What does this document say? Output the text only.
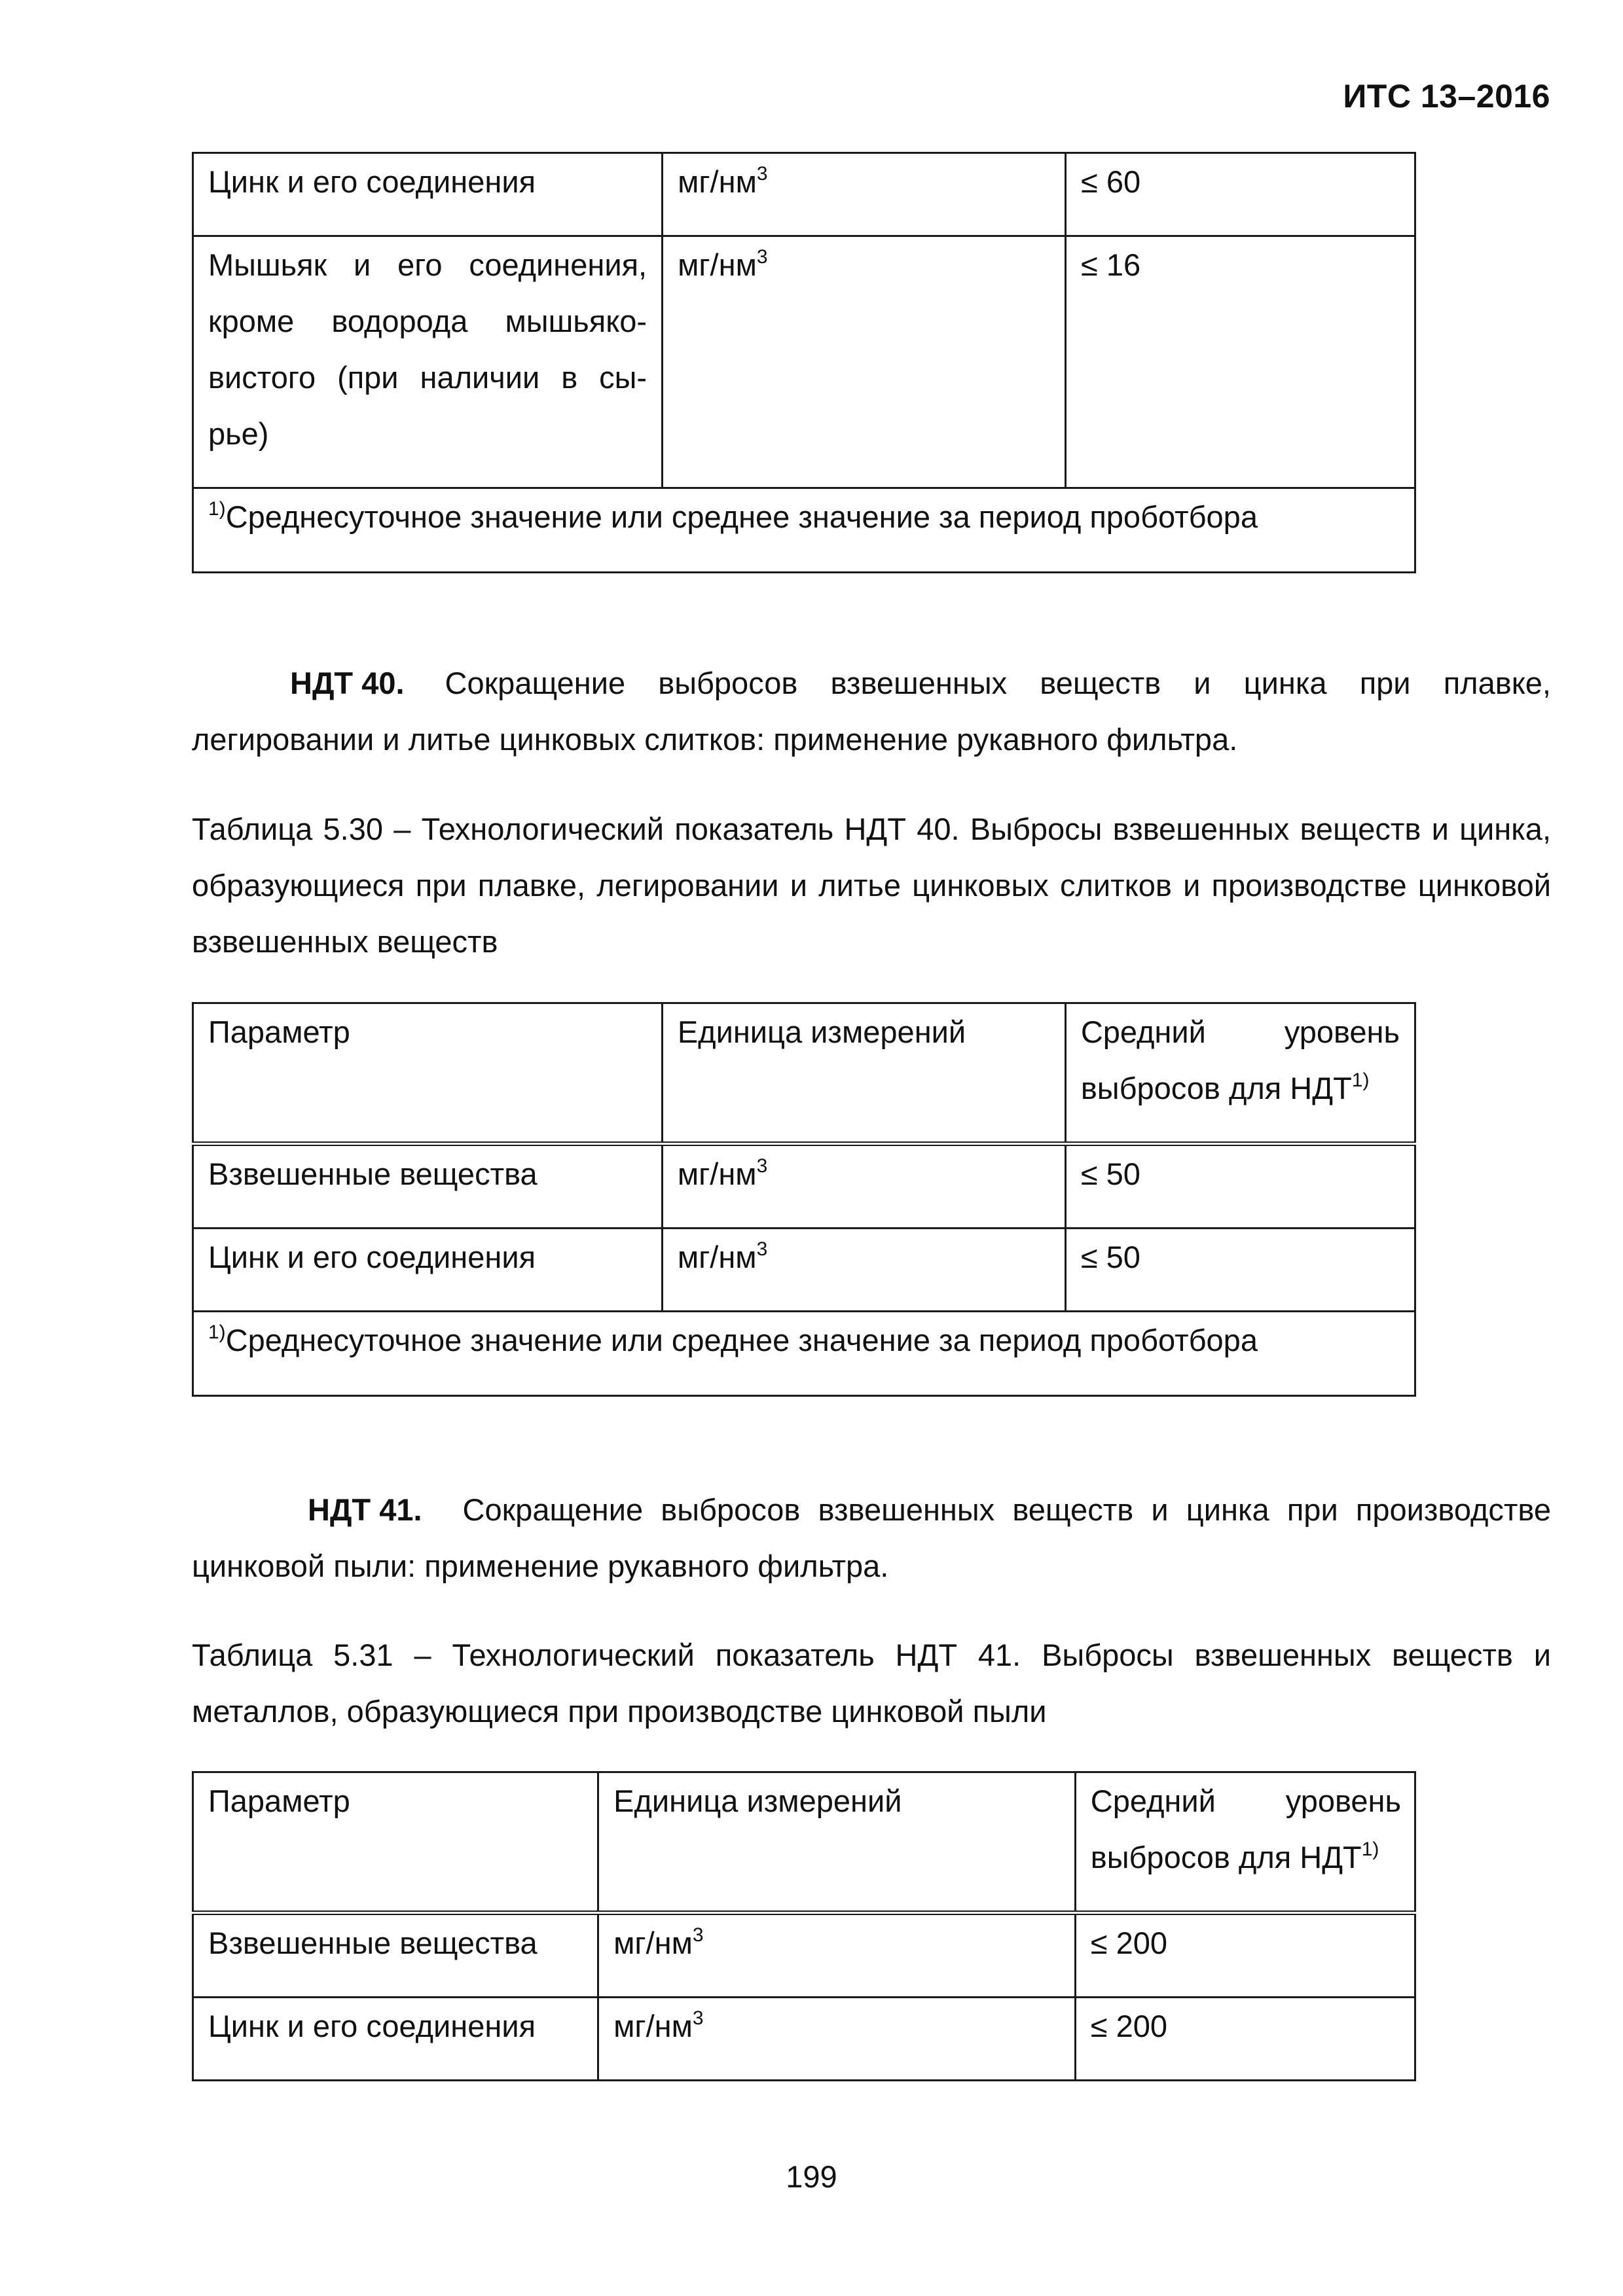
ИТС 13–2016
Цинк и его соединения	$мг/нм^3$	≤ 60
Мышьяк и его соединения, кроме водорода мышьяко-вистого (при наличии в сы-рье)	$мг/нм^3$	≤ 16
$^{1)}$Среднесуточное значение или среднее значение за период проботбора		
НДТ 40. Сокращение выбросов взвешенных веществ и цинка при плавке, легировании и литье цинковых слитков: применение рукавного фильтра.
Таблица 5.30 – Технологический показатель НДТ 40. Выбросы взвешенных веществ и цинка, образующиеся при плавке, легировании и литье цинковых слитков и производстве цинковой взвешенных веществ
Параметр	Единица измерений	Средний уровень выбросов для НДТ$^{1)}$
Взвешенные вещества	$мг/нм^3$	≤ 50
Цинк и его соединения	$мг/нм^3$	≤ 50
$^{1)}$Среднесуточное значение или среднее значение за период проботбора		
НДТ 41. Сокращение выбросов взвешенных веществ и цинка при производстве цинковой пыли: применение рукавного фильтра.
Таблица 5.31 – Технологический показатель НДТ 41. Выбросы взвешенных веществ и металлов, образующиеся при производстве цинковой пыли
Параметр	Единица измерений	Средний уровень выбросов для НДТ$^{1)}$
Взвешенные вещества	$мг/нм^3$	≤ 200
Цинк и его соединения	$мг/нм^3$	≤ 200
199
